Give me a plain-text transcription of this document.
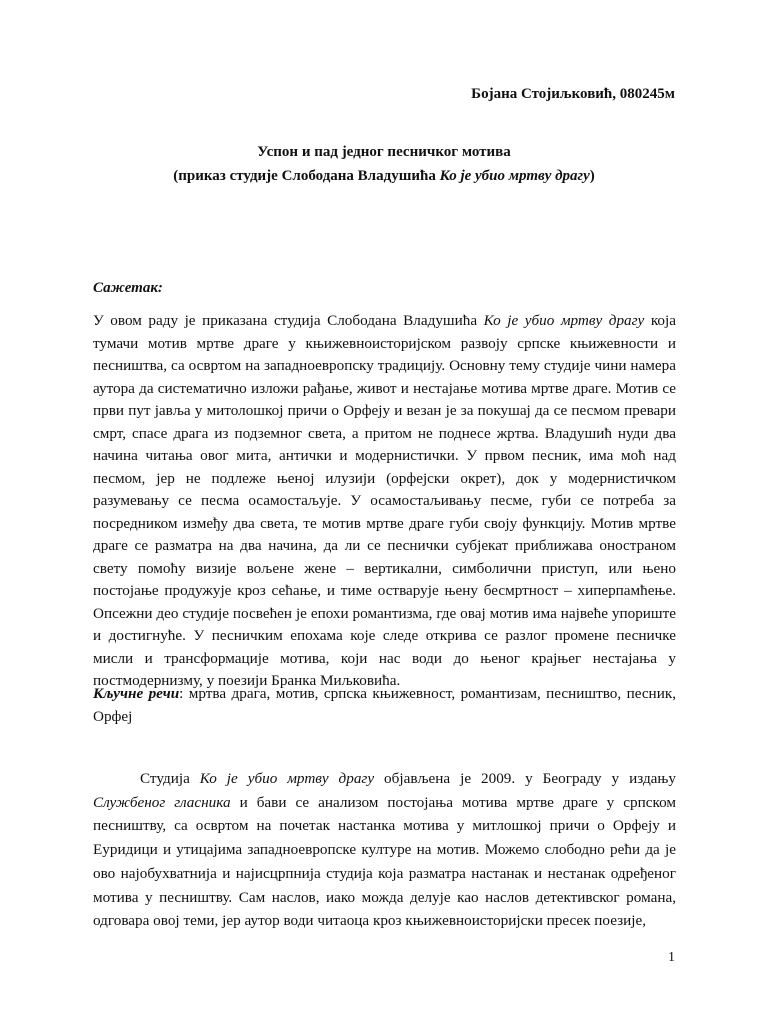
Бојана Стојиљковић, 080245м
Успон и пад једног песничког мотива
(приказ студије Слободана Владушића Ко је убио мртву драгу)
Сажетак:

У овом раду је приказана студија Слободана Владушића Ко је убио мртву драгу која тумачи мотив мртве драге у књижевноисторијском развоју српске књижевности и песништва, са освртом на западноевропску традицију. Основну тему студије чини намера аутора да систематично изложи рађање, живот и нестајање мотива мртве драге. Мотив се први пут јавља у митолошкој причи о Орфеју и везан је за покушај да се песмом превари смрт, спасе драга из подземног света, а притом не поднесе жртва. Владушић нуди два начина читања овог мита, антички и модернистички. У првом песник, има моћ над песмом, јер не подлеже њеној илузији (орфејски окрет), док у модернистичком разумевању се песма осамостаљује. У осамостаљивању песме, губи се потреба за посредником између два света, те мотив мртве драге губи своју функцију. Мотив мртве драге се разматра на два начина, да ли се песнички субјекат приближава оностраном свету помоћу визије вољене жене – вертикални, симболични приступ, или њено постојање продужује кроз сећање, и тиме остварује њену бесмртност – хиперпамћење. Опсежни део студије посвећен је епохи романтизма, где овај мотив има највеће упориште и достигнуће. У песничким епохама које следе открива се разлог промене песничке мисли и трансформације мотива, који нас води до њеног крајњег нестајања у постмодернизму, у поезији Бранка Миљковића.

Кључне речи: мртва драга, мотив, српска књижевност, романтизам, песништво, песник, Орфеј

Студија Ко је убио мртву драгу објављена је 2009. у Београду у издању Службеног гласника и бави се анализом постојања мотива мртве драге у српском песништву, са освртом на почетак настанка мотива у митлошкој причи о Орфеју и Еуридици и утицајима западноевропске културе на мотив. Можемо слободно рећи да је ово најобухватнија и најисцрпнија студија која разматра настанак и нестанак одређеног мотива у песништву. Сам наслов, иако можда делује као наслов детективског романа, одговара овој теми, јер аутор води читаоца кроз књижевноисторијски пресек поезије,

1
